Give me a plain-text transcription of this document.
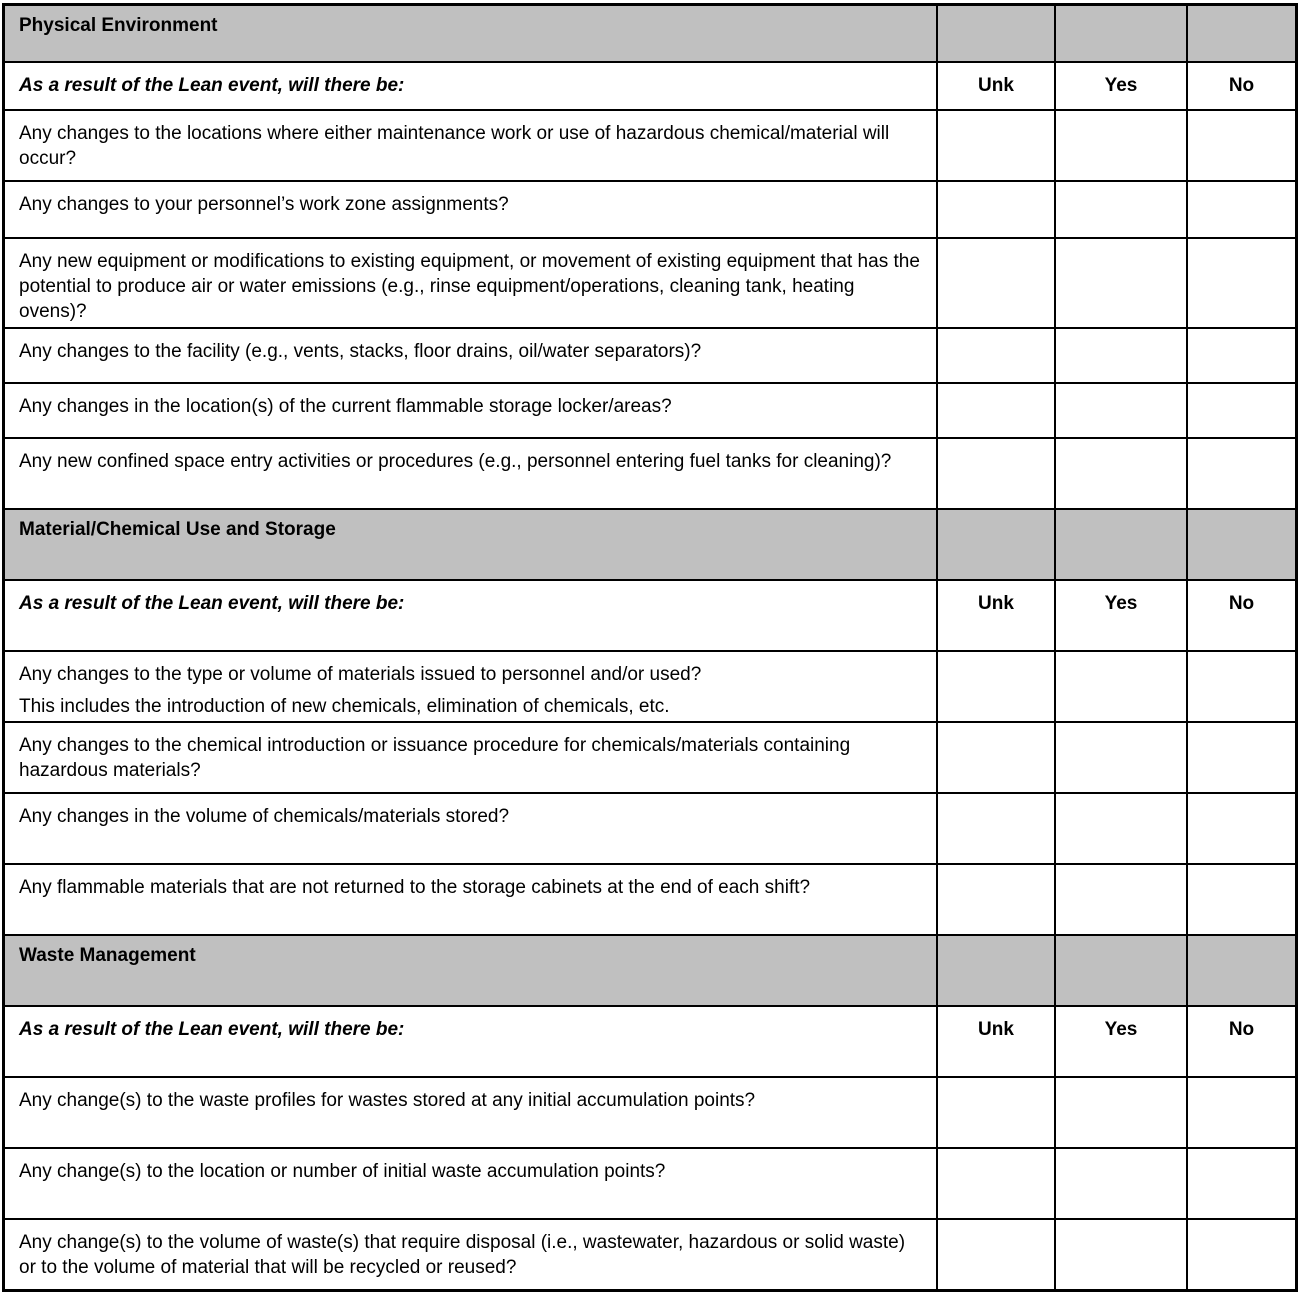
Physical Environment			
As a result of the Lean event, will there be:	Unk	Yes	No
Any changes to the locations where either maintenance work or use of hazardous chemical/material will occur?			
Any changes to your personnel’s work zone assignments?			
Any new equipment or modifications to existing equipment, or movement of existing equipment that has the potential to produce air or water emissions (e.g., rinse equipment/operations, cleaning tank, heating ovens)?			
Any changes to the facility (e.g., vents, stacks, floor drains, oil/water separators)?			
Any changes in the location(s) of the current flammable storage locker/areas?			
Any new confined space entry activities or procedures (e.g., personnel entering fuel tanks for cleaning)?			
Material/Chemical Use and Storage			
As a result of the Lean event, will there be:	Unk	Yes	No
Any changes to the type or volume of materials issued to personnel and/or used?
This includes the introduction of new chemicals, elimination of chemicals, etc.			

Any changes to the chemical introduction or issuance procedure for chemicals/materials containing hazardous materials?			
Any changes in the volume of chemicals/materials stored?			
Any flammable materials that are not returned to the storage cabinets at the end of each shift?			
Waste Management			
As a result of the Lean event, will there be:	Unk	Yes	No
Any change(s) to the waste profiles for wastes stored at any initial accumulation points?			
Any change(s) to the location or number of initial waste accumulation points?			
Any change(s) to the volume of waste(s) that require disposal (i.e., wastewater, hazardous or solid waste) or to the volume of material that will be recycled or reused?			
